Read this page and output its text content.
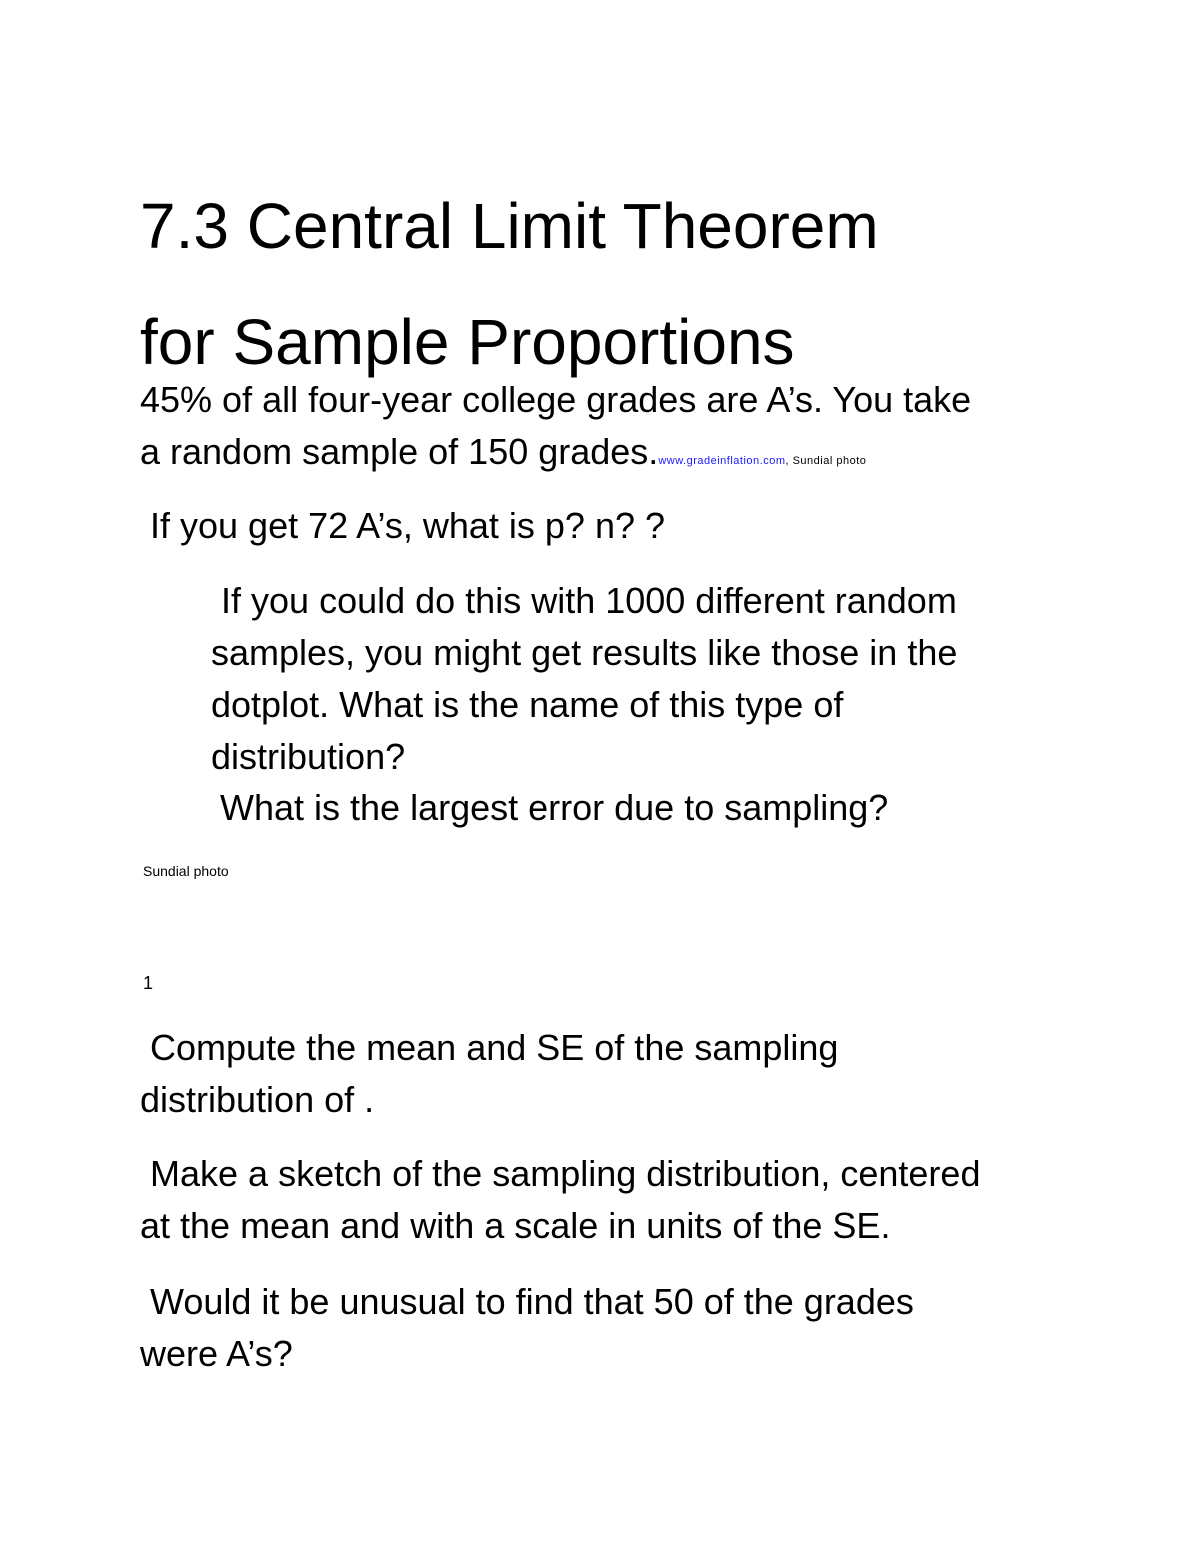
7.3 Central Limit Theorem
for Sample Proportions

45% of all four-year college grades are A’s. You take
a random sample of 150 grades.www.gradeinflation.com, Sundial photo

If you get 72 A’s, what is p? n? ?

If you could do this with 1000 different random
samples, you might get results like those in the
dotplot. What is the name of this type of
distribution?

What is the largest error due to sampling?

Sundial photo

1

Compute the mean and SE of the sampling
distribution of .

Make a sketch of the sampling distribution, centered
at the mean and with a scale in units of the SE.

Would it be unusual to find that 50 of the grades
were A’s?
